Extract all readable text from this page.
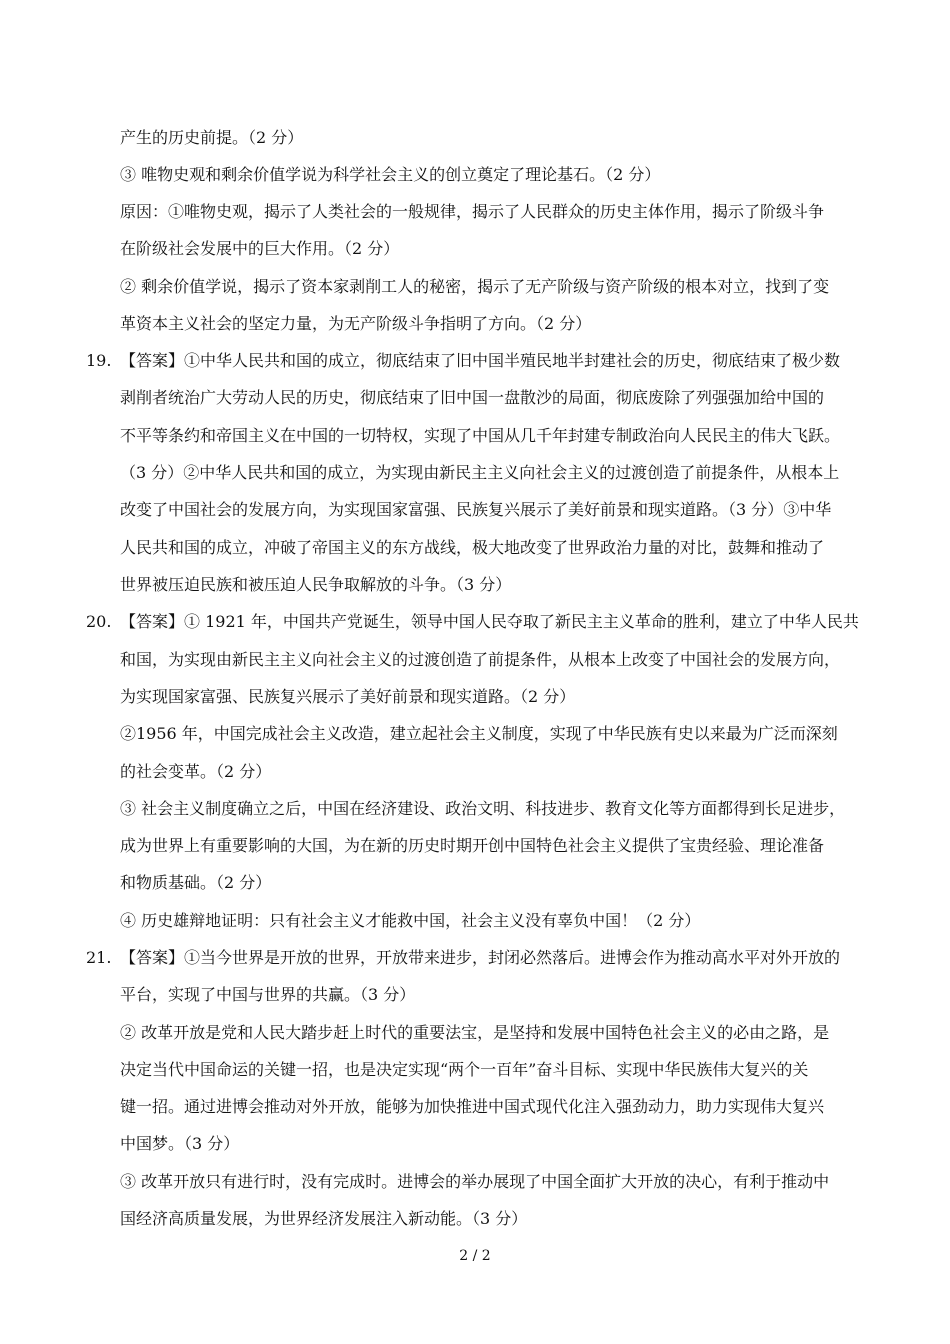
产生的历史前提。（2 分）
③ 唯物史观和剩余价值学说为科学社会主义的创立奠定了理论基石。（2 分）
原因：①唯物史观，揭示了人类社会的一般规律，揭示了人民群众的历史主体作用，揭示了阶级斗争
在阶级社会发展中的巨大作用。（2 分）
② 剩余价值学说，揭示了资本家剥削工人的秘密，揭示了无产阶级与资产阶级的根本对立，找到了变
革资本主义社会的坚定力量，为无产阶级斗争指明了方向。（2 分）
19. 【答案】①中华人民共和国的成立，彻底结束了旧中国半殖民地半封建社会的历史，彻底结束了极少数
剥削者统治广大劳动人民的历史，彻底结束了旧中国一盘散沙的局面，彻底废除了列强强加给中国的
不平等条约和帝国主义在中国的一切特权，实现了中国从几千年封建专制政治向人民民主的伟大飞跃。
（3 分）②中华人民共和国的成立，为实现由新民主主义向社会主义的过渡创造了前提条件，从根本上
改变了中国社会的发展方向，为实现国家富强、民族复兴展示了美好前景和现实道路。（3 分）③中华
人民共和国的成立，冲破了帝国主义的东方战线，极大地改变了世界政治力量的对比，鼓舞和推动了
世界被压迫民族和被压迫人民争取解放的斗争。（3 分）
20. 【答案】① 1921 年，中国共产党诞生，领导中国人民夺取了新民主主义革命的胜利，建立了中华人民共
和国，为实现由新民主主义向社会主义的过渡创造了前提条件，从根本上改变了中国社会的发展方向，
为实现国家富强、民族复兴展示了美好前景和现实道路。（2 分）
②1956 年，中国完成社会主义改造，建立起社会主义制度，实现了中华民族有史以来最为广泛而深刻
的社会变革。（2 分）
③ 社会主义制度确立之后，中国在经济建设、政治文明、科技进步、教育文化等方面都得到长足进步，
成为世界上有重要影响的大国，为在新的历史时期开创中国特色社会主义提供了宝贵经验、理论准备
和物质基础。（2 分）
④ 历史雄辩地证明：只有社会主义才能救中国，社会主义没有辜负中国！（2 分）
21. 【答案】①当今世界是开放的世界，开放带来进步，封闭必然落后。进博会作为推动高水平对外开放的
平台，实现了中国与世界的共赢。（3 分）
② 改革开放是党和人民大踏步赶上时代的重要法宝，是坚持和发展中国特色社会主义的必由之路，是
决定当代中国命运的关键一招，也是决定实现“两个一百年”奋斗目标、实现中华民族伟大复兴的关
键一招。通过进博会推动对外开放，能够为加快推进中国式现代化注入强劲动力，助力实现伟大复兴
中国梦。（3 分）
③ 改革开放只有进行时，没有完成时。进博会的举办展现了中国全面扩大开放的决心，有利于推动中
国经济高质量发展，为世界经济发展注入新动能。（3 分）
2 / 2
